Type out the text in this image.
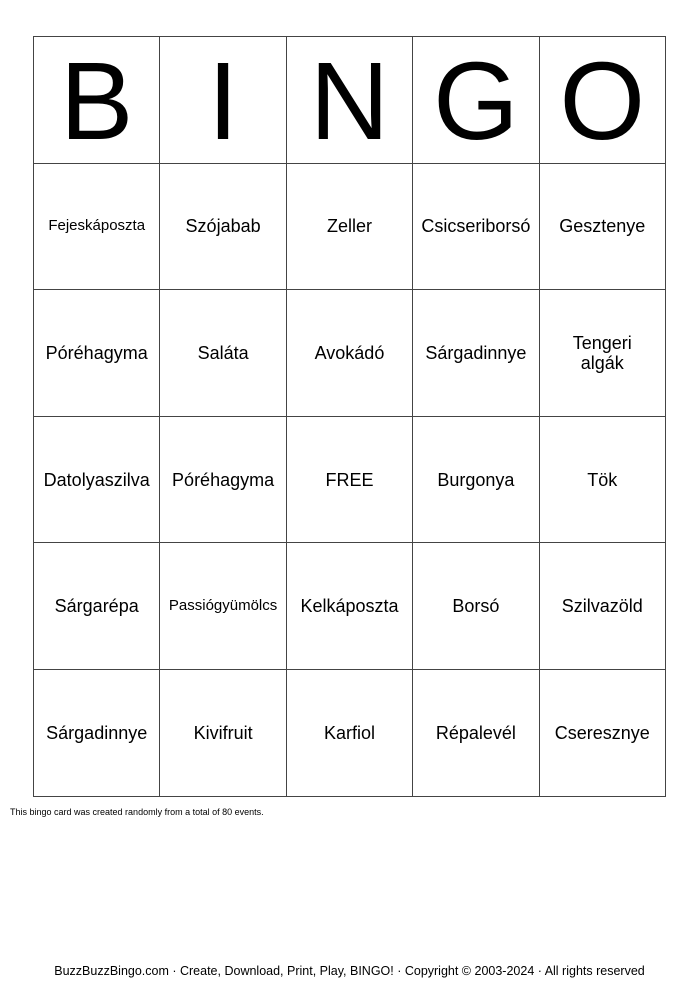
B	I	N	G	O
Fejeskáposzta	Szójabab	Zeller	Csicseriborsó	Gesztenye
Póréhagyma	Saláta	Avokádó	Sárgadinnye	Tengeri algák
Datolyaszilva	Póréhagyma	FREE	Burgonya	Tök
Sárgarépa	Passiógyümölcs	Kelkáposzta	Borsó	Szilvazöld
Sárgadinnye	Kivifruit	Karfiol	Répalevél	Cseresznye
This bingo card was created randomly from a total of 80 events.
BuzzBuzzBingo.com · Create, Download, Print, Play, BINGO! · Copyright © 2003-2024 · All rights reserved
